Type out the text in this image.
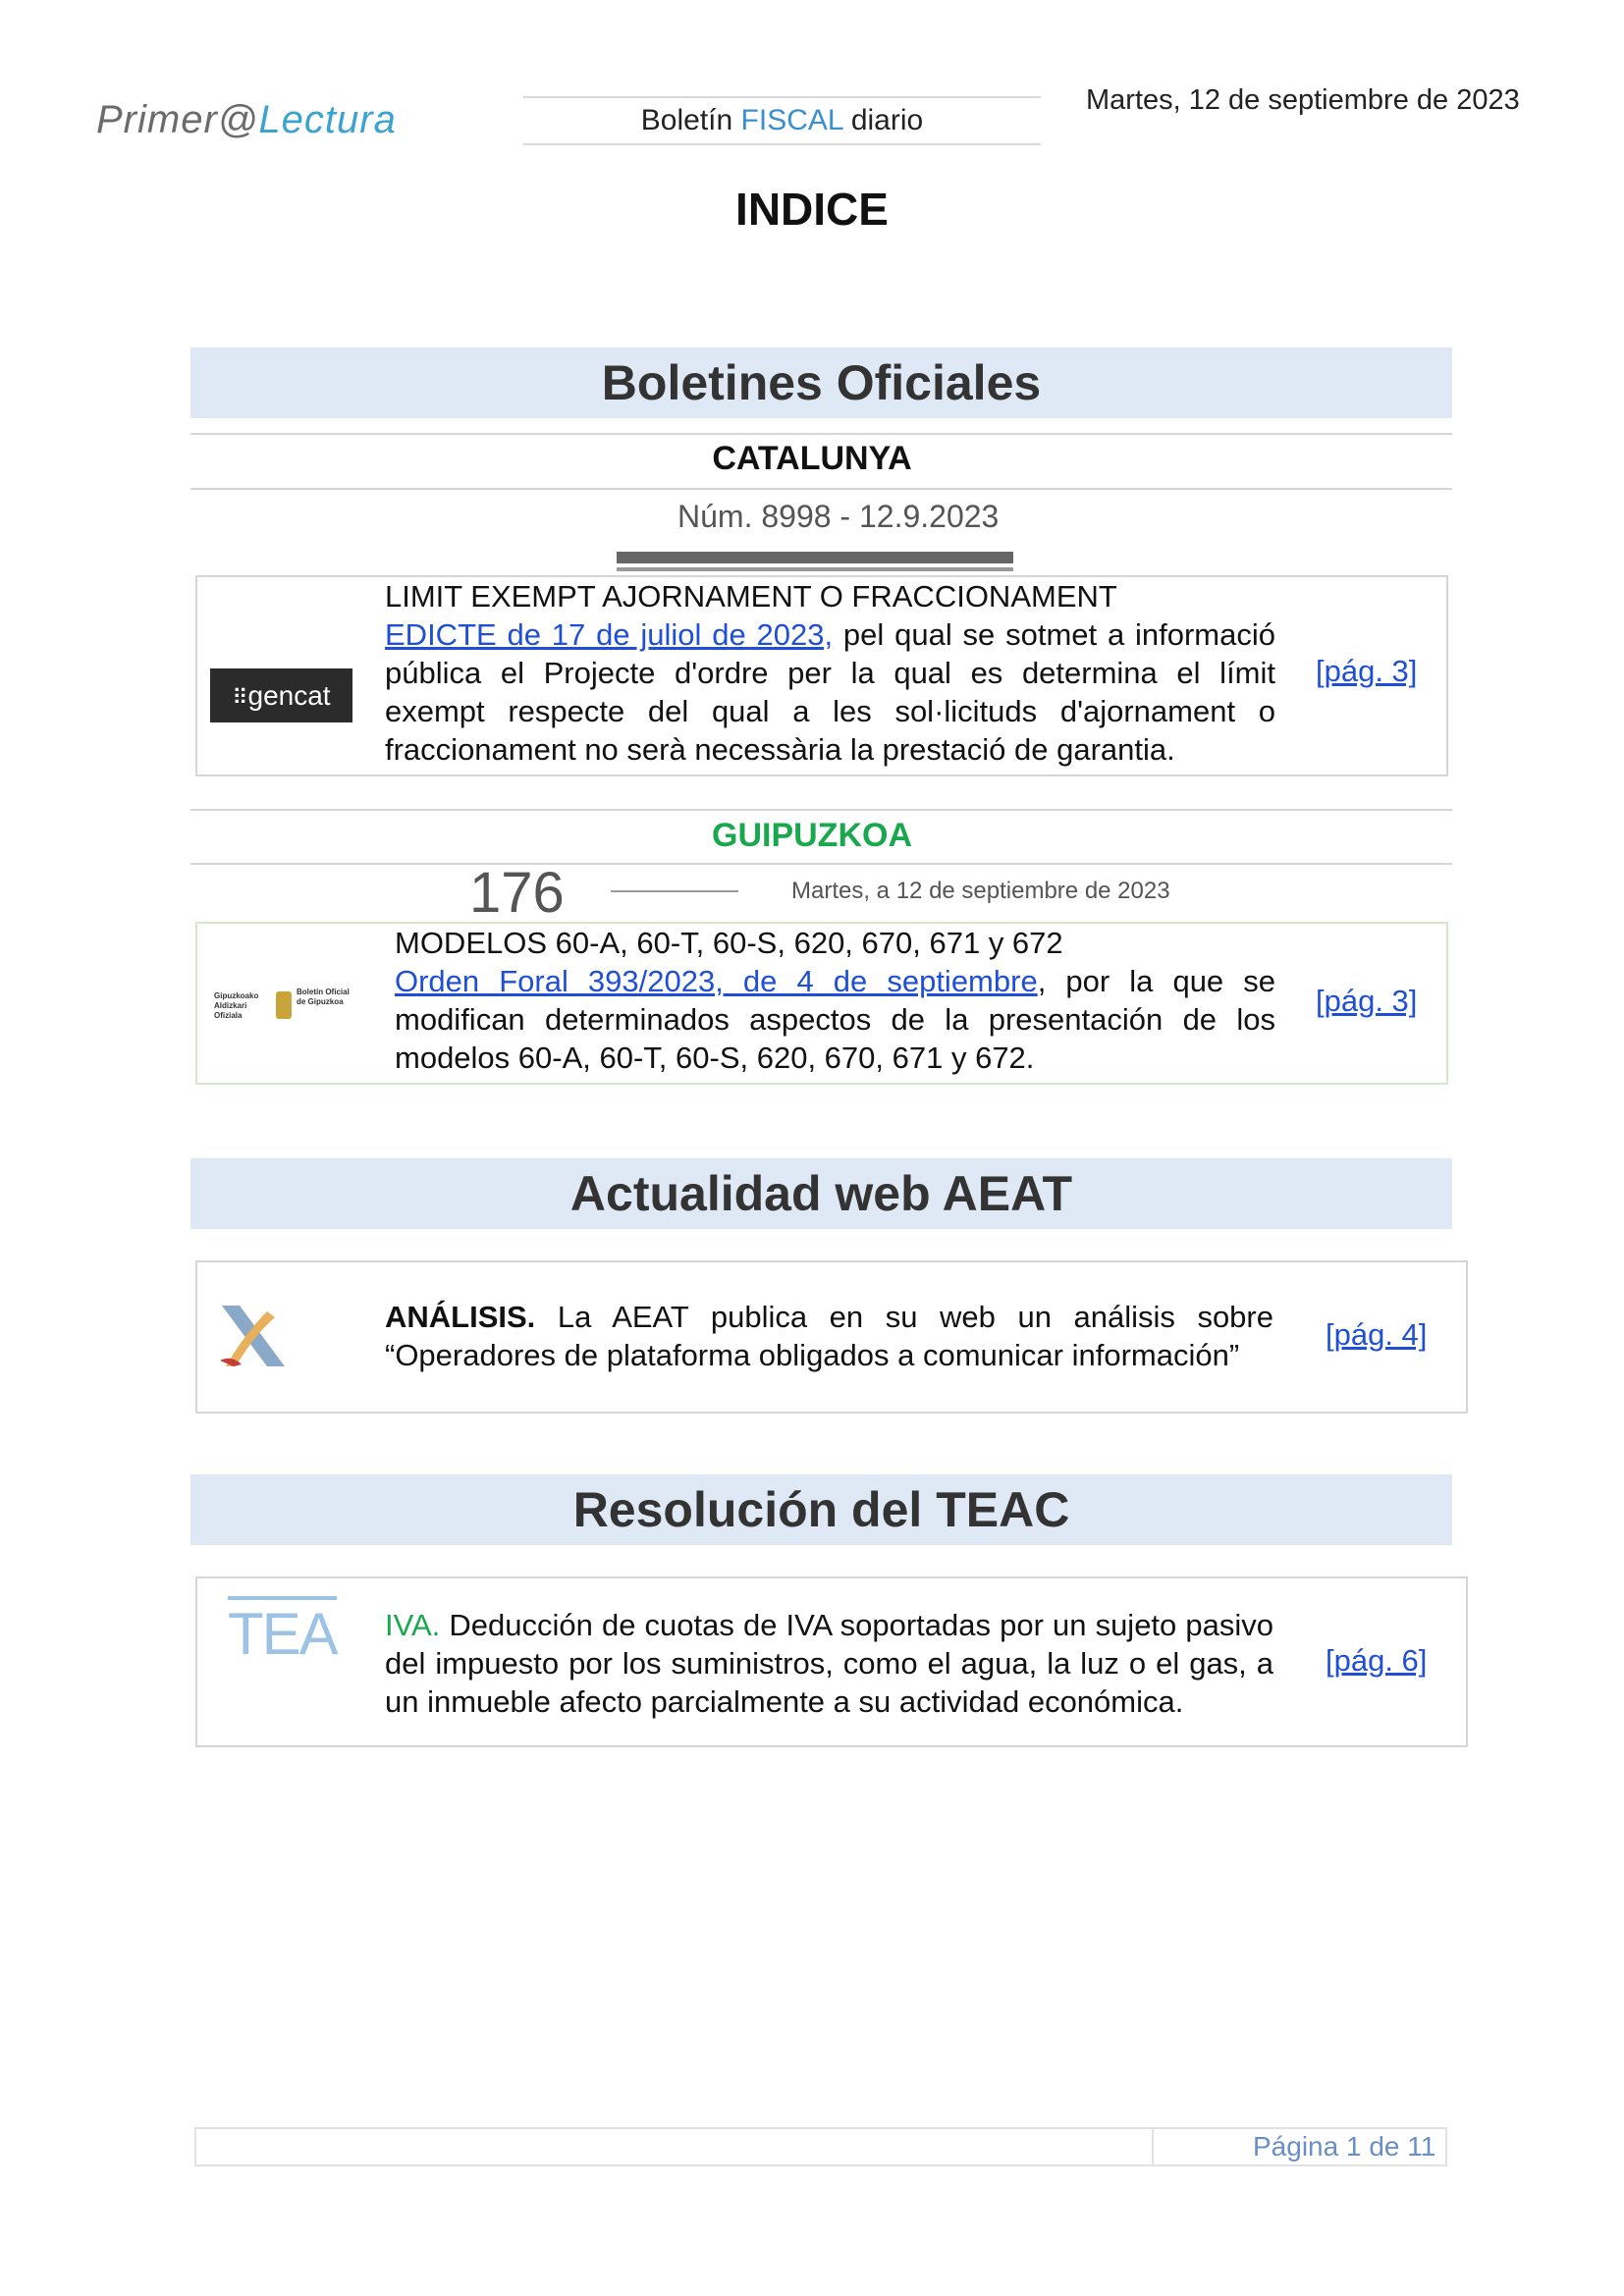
Primer@Lectura	Boletín FISCAL diario
Martes, 12 de septiembre de 2023
INDICE
Boletines Oficiales
CATALUNYA
Núm. 8998 - 12.9.2023
⠿gencat
LIMIT EXEMPT AJORNAMENT O FRACCIONAMENT
EDICTE de 17 de juliol de 2023, pel qual se sotmet a informació pública el Projecte d'ordre per la qual es determina el límit exempt respecte del qual a les sol·licituds d'ajornament o fraccionament no serà necessària la prestació de garantia.
[pág. 3]
GUIPUZKOA
176	Martes, a 12 de septiembre de 2023
Gipuzkoako Aldizkari Ofiziala
Boletín Oficial de Gipuzkoa
MODELOS 60-A, 60-T, 60-S, 620, 670, 671 y 672
Orden Foral 393/2023, de 4 de septiembre, por la que se modifican determinados aspectos de la presentación de los modelos 60-A, 60-T, 60-S, 620, 670, 671 y 672.
[pág. 3]
Actualidad web AEAT
ANÁLISIS. La AEAT publica en su web un análisis sobre “Operadores de plataforma obligados a comunicar información”
[pág. 4]
Resolución del TEAC
TEA IVA. Deducción de cuotas de IVA soportadas por un sujeto pasivo del impuesto por los suministros, como el agua, la luz o el gas, a un inmueble afecto parcialmente a su actividad económica.
[pág. 6]
Página 1 de 11
